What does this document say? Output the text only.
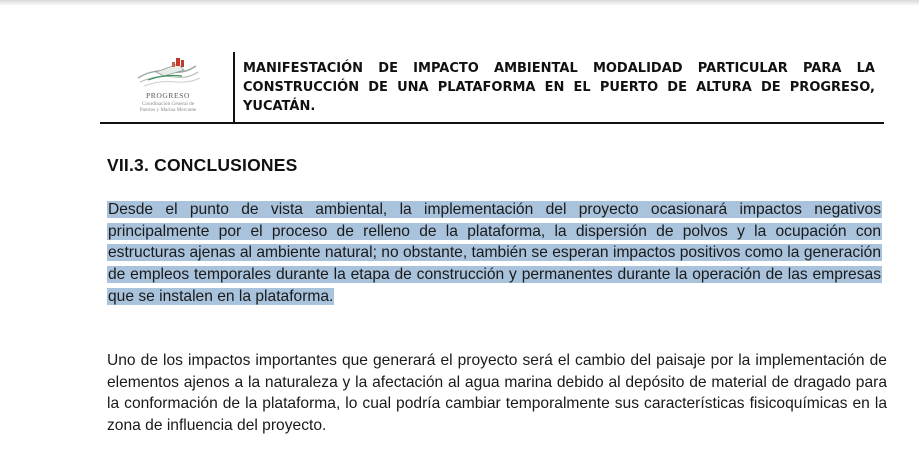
PROGRESO
Coordinación General de
Puertos y Marina Mercante
MANIFESTACIÓN DE IMPACTO AMBIENTAL MODALIDAD PARTICULAR PARA LA CONSTRUCCIÓN DE UNA PLATAFORMA EN EL PUERTO DE ALTURA DE PROGRESO, YUCATÁN.
VII.3. CONCLUSIONES
Desde el punto de vista ambiental, la implementación del proyecto ocasionará impactos negativos principalmente por el proceso de relleno de la plataforma, la dispersión de polvos y la ocupación con estructuras ajenas al ambiente natural; no obstante, también se esperan impactos positivos como la generación de empleos temporales durante la etapa de construcción y permanentes durante la operación de las empresas que se instalen en la plataforma.
Uno de los impactos importantes que generará el proyecto será el cambio del paisaje por la implementación de elementos ajenos a la naturaleza y la afectación al agua marina debido al depósito de material de dragado para la conformación de la plataforma, lo cual podría cambiar temporalmente sus características fisicoquímicas en la zona de influencia del proyecto.
